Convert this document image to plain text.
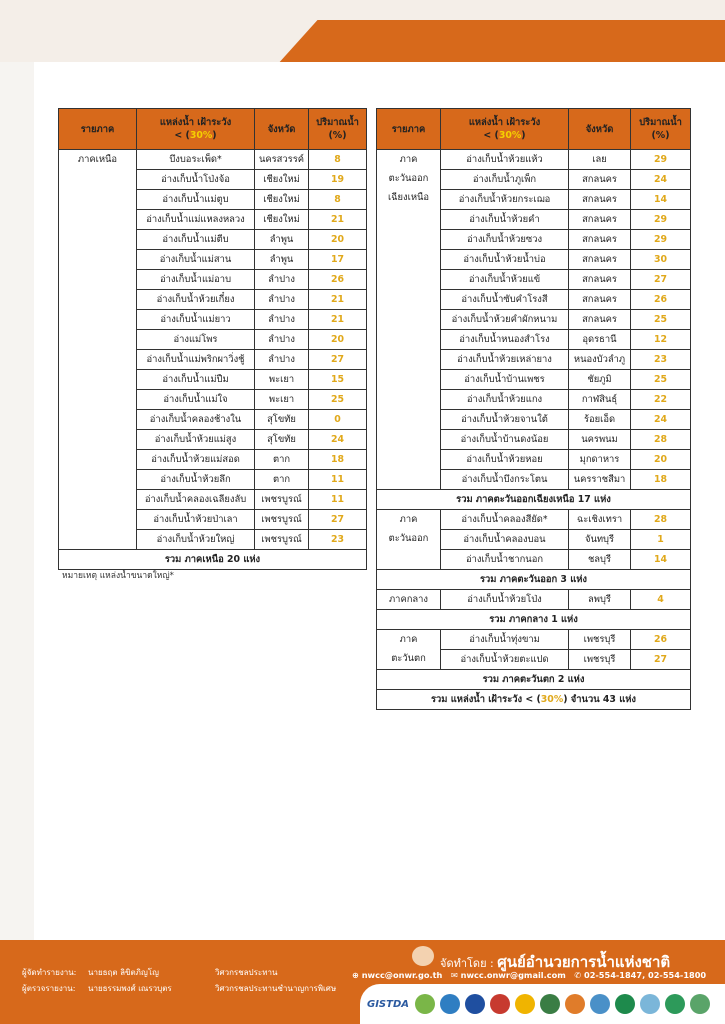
รายภาค	แหล่งน้ำ เฝ้าระวัง
< (30%)	จังหวัด	ปริมาณน้ำ
(%)
ภาคเหนือ	บึงบอระเพ็ด*	นครสวรรค์	8
	อ่างเก็บน้ำโป่งจ้อ	เชียงใหม่	19
	อ่างเก็บน้ำแม่ตูบ	เชียงใหม่	8
	อ่างเก็บน้ำแม่แหลงหลวง	เชียงใหม่	21
	อ่างเก็บน้ำแม่ตีบ	ลำพูน	20
	อ่างเก็บน้ำแม่สาน	ลำพูน	17
	อ่างเก็บน้ำแม่อาบ	ลำปาง	26
	อ่างเก็บน้ำห้วยเกี๋ยง	ลำปาง	21
	อ่างเก็บน้ำแม่ยาว	ลำปาง	21
	อ่างแม่โพร	ลำปาง	20
	อ่างเก็บน้ำแม่พริกผาวิ่งชู้	ลำปาง	27
	อ่างเก็บน้ำแม่ปืม	พะเยา	15
	อ่างเก็บน้ำแม่ใจ	พะเยา	25
	อ่างเก็บน้ำคลองช้างใน	สุโขทัย	0
	อ่างเก็บน้ำห้วยแม่สูง	สุโขทัย	24
	อ่างเก็บน้ำห้วยแม่สอด	ตาก	18
	อ่างเก็บน้ำห้วยลึก	ตาก	11
	อ่างเก็บน้ำคลองเฉลียงลับ	เพชรบูรณ์	11
	อ่างเก็บน้ำห้วยป่าเลา	เพชรบูรณ์	27
	อ่างเก็บน้ำห้วยใหญ่	เพชรบูรณ์	23
รวม ภาคเหนือ 20 แห่ง			
หมายเหตุ แหล่งน้ำขนาดใหญ่*
รายภาค	แหล่งน้ำ เฝ้าระวัง
< (30%)	จังหวัด	ปริมาณน้ำ
(%)
ภาค
ตะวันออก
เฉียงเหนือ	อ่างเก็บน้ำห้วยแห้ว	เลย	29
	อ่างเก็บน้ำภูเพ็ก	สกลนคร	24
	อ่างเก็บน้ำห้วยกระเฌอ	สกลนคร	14
	อ่างเก็บน้ำห้วยคำ	สกลนคร	29
	อ่างเก็บน้ำห้วยซวง	สกลนคร	29
	อ่างเก็บน้ำห้วยน้ำบ่อ	สกลนคร	30
	อ่างเก็บน้ำห้วยแข้	สกลนคร	27
	อ่างเก็บน้ำซับคำโรงสี	สกลนคร	26
	อ่างเก็บน้ำห้วยคำผักหนาม	สกลนคร	25
	อ่างเก็บน้ำหนองสำโรง	อุดรธานี	12
	อ่างเก็บน้ำห้วยเหล่ายาง	หนองบัวลำภู	23
	อ่างเก็บน้ำบ้านเพชร	ชัยภูมิ	25
	อ่างเก็บน้ำห้วยแกง	กาฬสินธุ์	22
	อ่างเก็บน้ำห้วยจานใต้	ร้อยเอ็ด	24
	อ่างเก็บน้ำบ้านดงน้อย	นครพนม	28
	อ่างเก็บน้ำห้วยหอย	มุกดาหาร	20
	อ่างเก็บน้ำบึงกระโตน	นครราชสีมา	18
รวม ภาคตะวันออกเฉียงเหนือ 17 แห่ง			
ภาค
ตะวันออก	อ่างเก็บน้ำคลองสียัด*	ฉะเชิงเทรา	28
	อ่างเก็บน้ำคลองบอน	จันทบุรี	1
	อ่างเก็บน้ำชากนอก	ชลบุรี	14
รวม ภาคตะวันออก 3 แห่ง			
ภาคกลาง	อ่างเก็บน้ำห้วยโป่ง	ลพบุรี	4
รวม ภาคกลาง 1 แห่ง			
ภาค
ตะวันตก	อ่างเก็บน้ำทุ่งขาม	เพชรบุรี	26
	อ่างเก็บน้ำห้วยตะแปด	เพชรบุรี	27
รวม ภาคตะวันตก 2 แห่ง			
รวม แหล่งน้ำ เฝ้าระวัง < (30%) จำนวน 43 แห่ง			
จัดทำโดย : ศูนย์อำนวยการน้ำแห่งชาติ
⊕ nwcc@onwr.go.th ✉ nwcc.onwr@gmail.com ✆ 02-554-1847, 02-554-1800
ผู้จัดทำรายงาน: นายธฤต ลิขิตภิญโญ	วิศวกรชลประทาน
ผู้ตรวจรายงาน: นายธรรมพงศ์ เณรวบุตร	วิศวกรชลประทานชำนาญการพิเศษ
GISTDA
